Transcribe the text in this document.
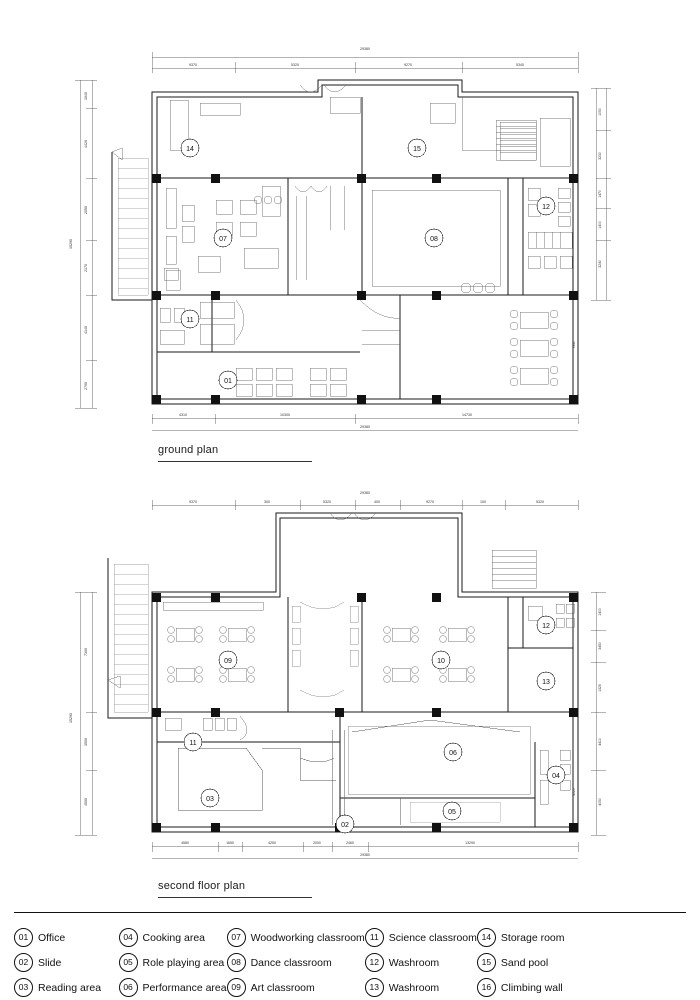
29380
9370	5320	9270	5340
1040
4420
2050
2170
4140
2700
15290
1050
3230
1470
1400
3240
7940
4310	10300	14730
29380
14	15
12
07	08
11
01
ground plan
29380
9370	300	5320	400	9270	100	5320
7300
3500
4500
15290
1400
3450
1325
4410
4050
4020
4580	1650	4250	2000	2460	13290
29380
09	10
12
13
11
06
04
03
05
02
second floor plan
01 Office	04 Cooking area	07 Woodworking classroom 11 Science classroom 14 Storage room
02 Slide	05 Role playing area 08 Dance classroom	12 Washroom	15 Sand pool
03 Reading area	06 Performance area 09 Art classroom	13 Washroom	16 Climbing wall
